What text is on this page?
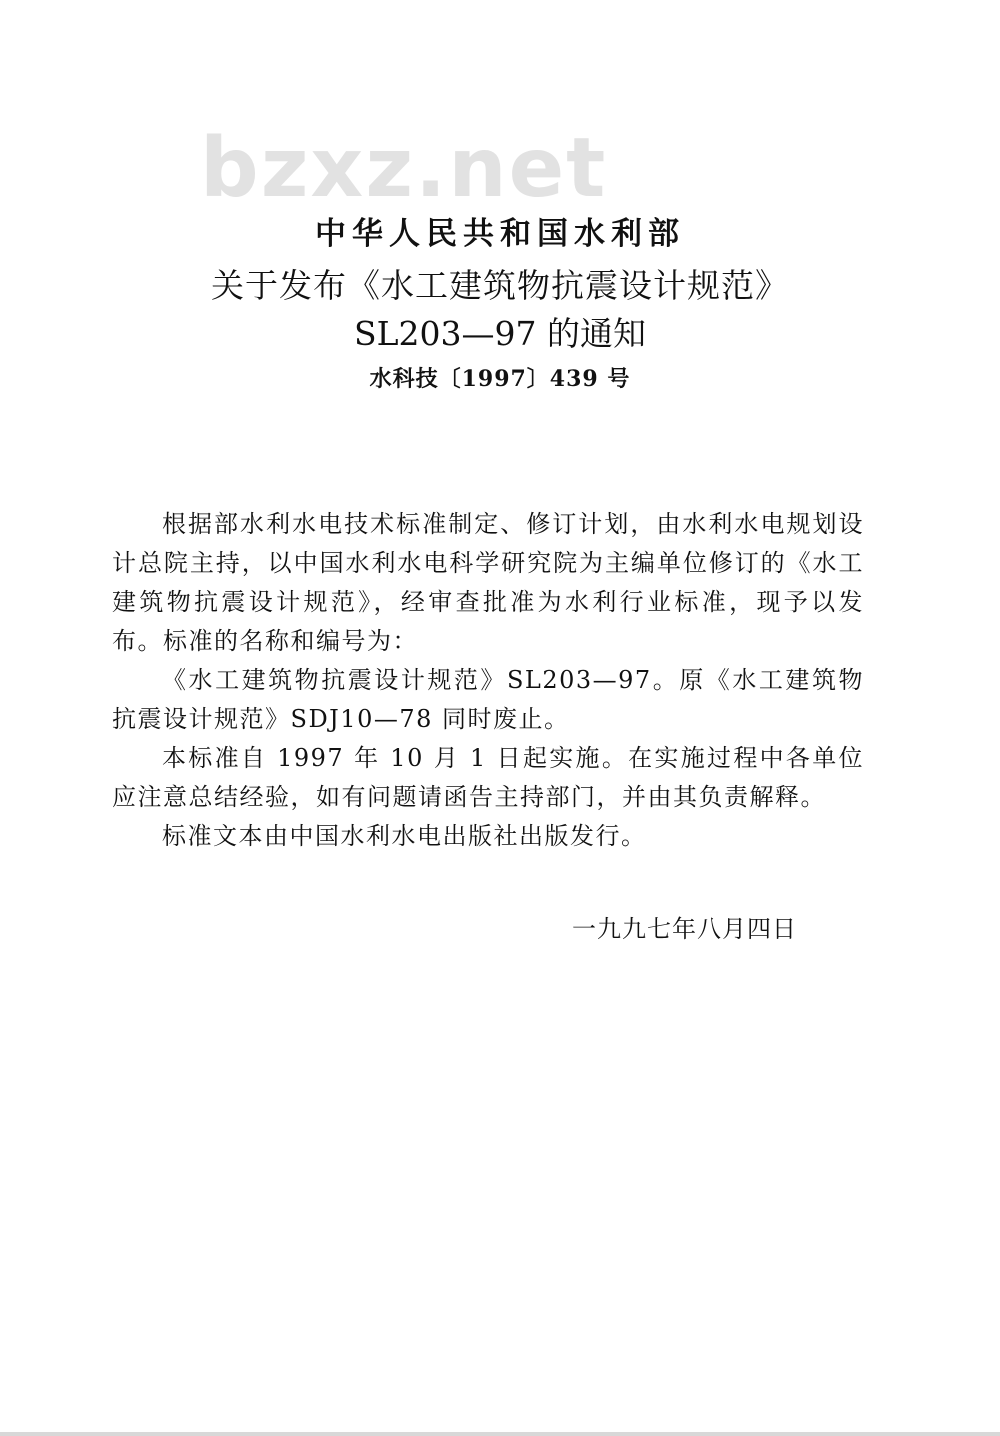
bzxz.net
中华人民共和国水利部
关于发布《水工建筑物抗震设计规范》
SL203—97 的通知
水科技〔1997〕439 号

根据部水利水电技术标准制定、修订计划，由水利水电规划设计总院主持，以中国水利水电科学研究院为主编单位修订的《水工建筑物抗震设计规范》，经审查批准为水利行业标准，现予以发布。标准的名称和编号为：

《水工建筑物抗震设计规范》SL203—97。原《水工建筑物抗震设计规范》SDJ10—78 同时废止。

本标准自 1997 年 10 月 1 日起实施。在实施过程中各单位应注意总结经验，如有问题请函告主持部门，并由其负责解释。

标准文本由中国水利水电出版社出版发行。

一九九七年八月四日
